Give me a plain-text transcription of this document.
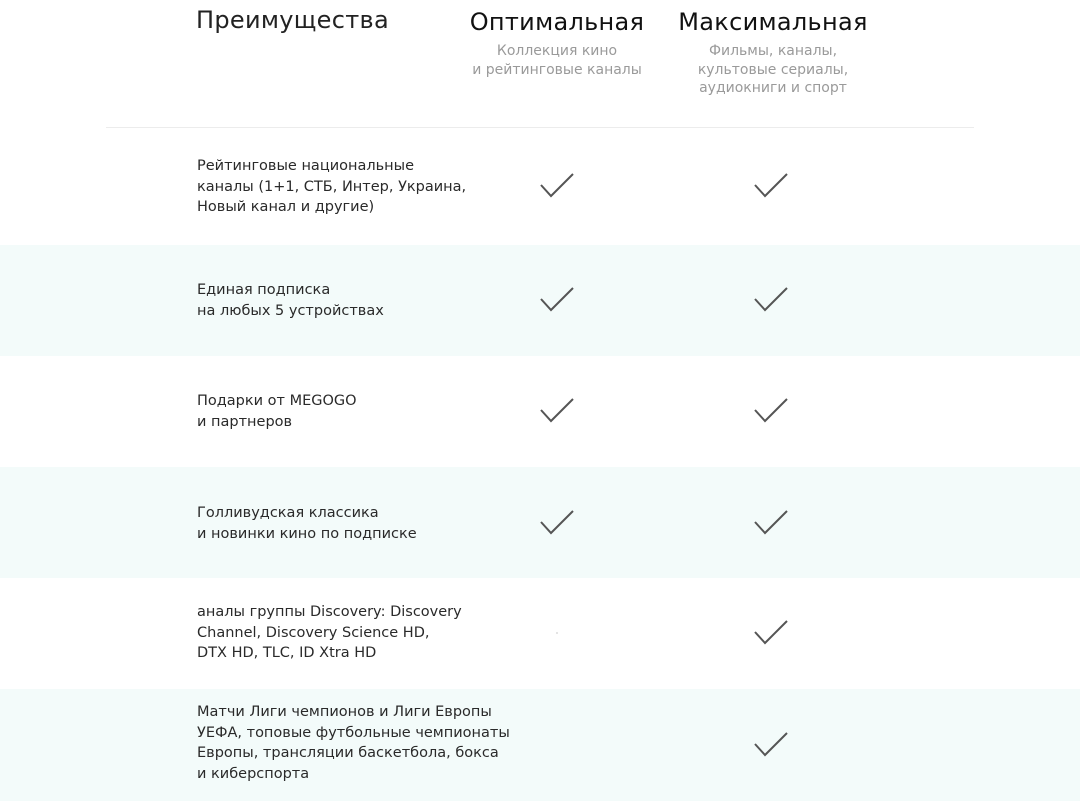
Преимущества	Оптимальная
Коллекция кино
и рейтинговые каналы
Максимальная
Фильмы, каналы,
культовые сериалы,
аудиокниги и спорт
Рейтинговые национальные
каналы (1+1, СТБ, Интер, Украина,
Новый канал и другие)
Единая подписка
на любых 5 устройствах
Подарки от MEGOGO
и партнеров
Голливудская классика
и новинки кино по подписке
аналы группы Discovery: Discovery
Channel, Discovery Science HD,
DTX HD, TLC, ID Xtra HD
Матчи Лиги чемпионов и Лиги Европы
УЕФА, топовые футбольные чемпионаты
Европы, трансляции баскетбола, бокса
и киберспорта
